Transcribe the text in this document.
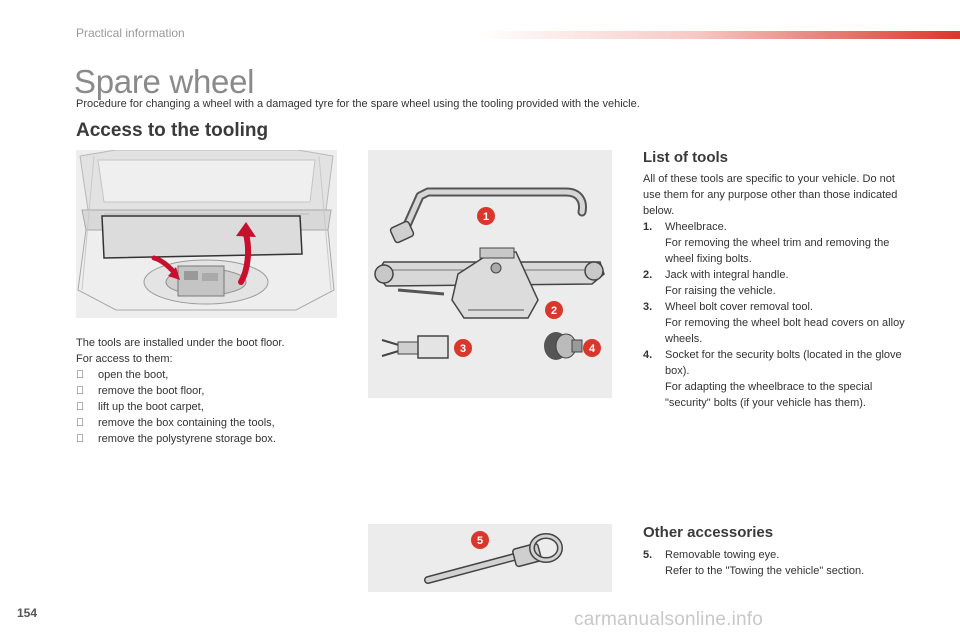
Practical information
Spare wheel
Procedure for changing a wheel with a damaged tyre for the spare wheel using the tooling provided with the vehicle.
Access to the tooling
The tools are installed under the boot floor.
For access to them:
open the boot,
remove the boot floor,
lift up the boot carpet,
remove the box containing the tools,
remove the polystyrene storage box.
1
2
3	4
List of tools
All of these tools are specific to your vehicle. Do not use them for any purpose other than those indicated below.
1.	Wheelbrace.
For removing the wheel trim and removing the wheel fixing bolts.
2.	Jack with integral handle.
For raising the vehicle.
3.	Wheel bolt cover removal tool.
For removing the wheel bolt head covers on alloy wheels.
4.	Socket for the security bolts (located in the glove box).
For adapting the wheelbrace to the special "security" bolts (if your vehicle has them).
5	Other accessories
5.	Removable towing eye.
Refer to the "Towing the vehicle" section.
154	carmanualsonline.info
